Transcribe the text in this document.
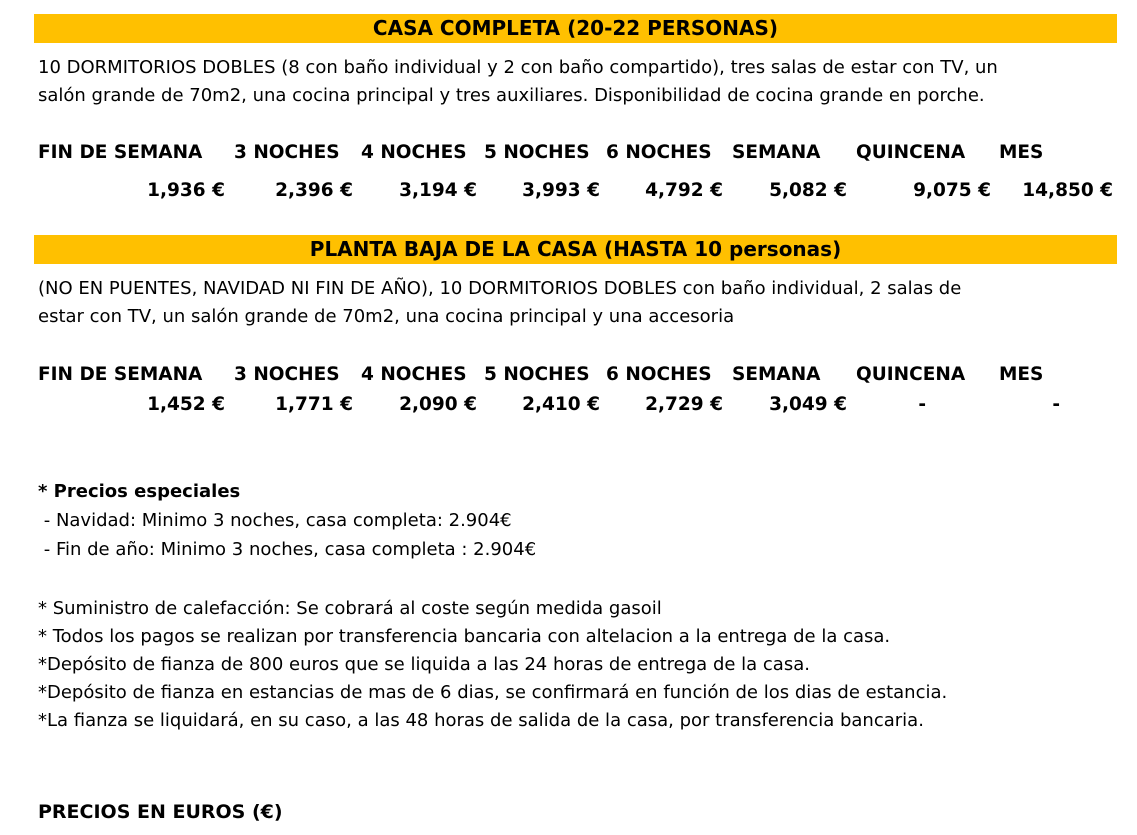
CASA COMPLETA (20-22 PERSONAS)
10 DORMITORIOS DOBLES (8 con baño individual y 2 con baño compartido), tres salas de estar con TV, un
salón grande de 70m2, una cocina principal y tres auxiliares. Disponibilidad de cocina grande en porche.
FIN DE SEMANA 3 NOCHES 4 NOCHES 5 NOCHES 6 NOCHES SEMANA QUINCENA MES
1,936 €	2,396 €	3,194 €	3,993 €	4,792 €	5,082 €	9,075 €	14,850 €
PLANTA BAJA DE LA CASA (HASTA 10 personas)
(NO EN PUENTES, NAVIDAD NI FIN DE AÑO), 10 DORMITORIOS DOBLES con baño individual, 2 salas de
estar con TV, un salón grande de 70m2, una cocina principal y una accesoria
FIN DE SEMANA 3 NOCHES 4 NOCHES 5 NOCHES 6 NOCHES SEMANA QUINCENA MES
1,452 €	1,771 €	2,090 €	2,410 €	2,729 €	3,049 €	-	-
* Precios especiales
- Navidad: Minimo 3 noches, casa completa: 2.904€
- Fin de año: Minimo 3 noches, casa completa : 2.904€
* Suministro de calefacción: Se cobrará al coste según medida gasoil
* Todos los pagos se realizan por transferencia bancaria con altelacion a la entrega de la casa.
*Depósito de fianza de 800 euros que se liquida a las 24 horas de entrega de la casa.
*Depósito de fianza en estancias de mas de 6 dias, se confirmará en función de los dias de estancia.
*La fianza se liquidará, en su caso, a las 48 horas de salida de la casa, por transferencia bancaria.
PRECIOS EN EUROS (€)
